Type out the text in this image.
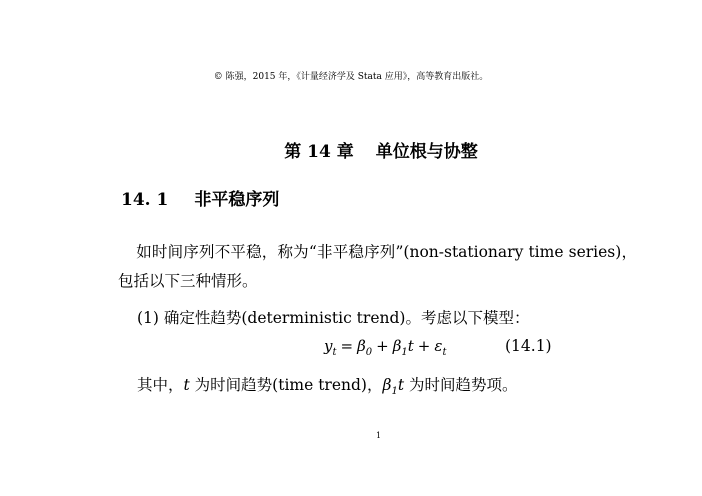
© 陈强，2015 年，《计量经济学及 Stata 应用》，高等教育出版社。
第 14 章 单位根与协整
14. 1 非平稳序列
如时间序列不平稳，称为“非平稳序列”(non-stationary time series)，包括以下三种情形。
(1) 确定性趋势(deterministic trend)。考虑以下模型：
$y_t = \beta_0 + \beta_1t + \varepsilon_t$	(14.1)
其中，t 为时间趋势(time trend)，$\beta_1t$ 为时间趋势项。
1
